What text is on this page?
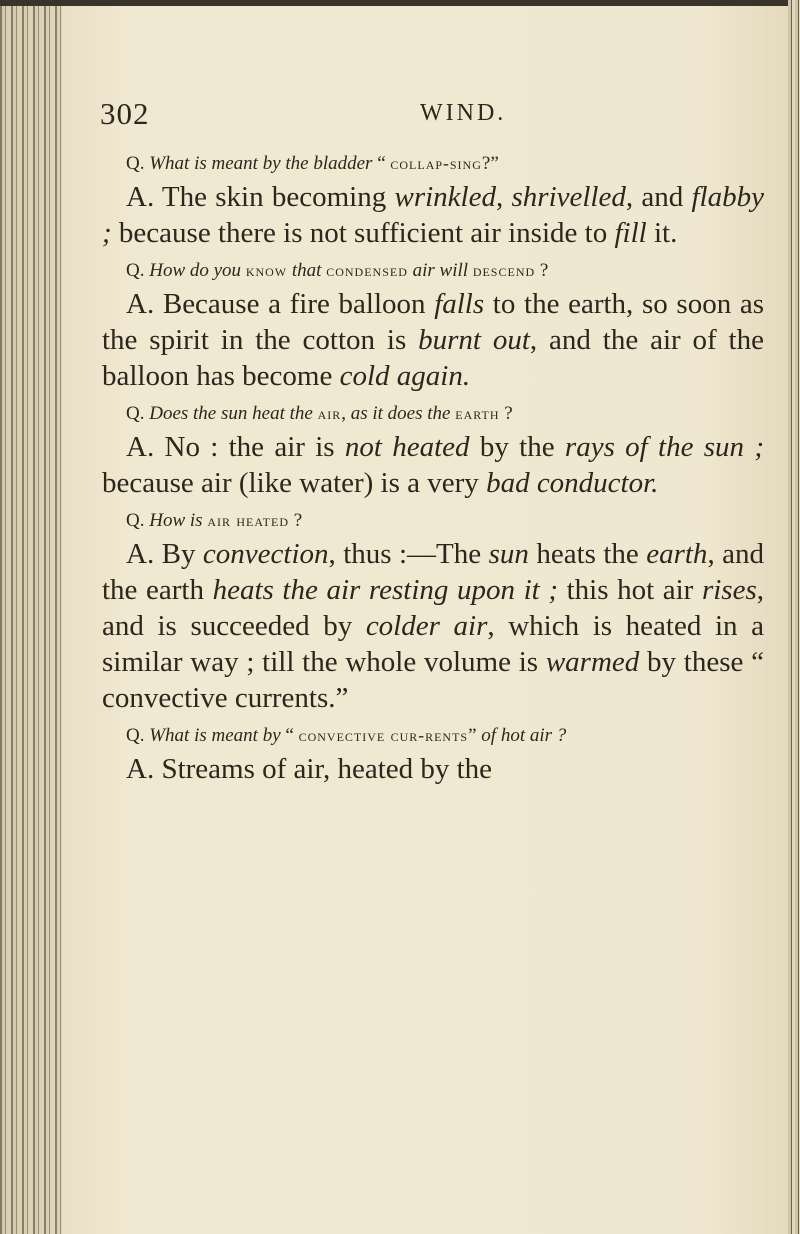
302	WIND.

Q. What is meant by the bladder “ collap-sing?”

A. The skin becoming wrinkled, shrivelled, and flabby ; because there is not sufficient air inside to fill it.

Q. How do you know that condensed air will descend ?

A. Because a fire balloon falls to the earth, so soon as the spirit in the cotton is burnt out, and the air of the balloon has become cold again.

Q. Does the sun heat the air, as it does the earth ?

A. No : the air is not heated by the rays of the sun ; because air (like water) is a very bad conductor.

Q. How is air heated ?

A. By convection, thus :—The sun heats the earth, and the earth heats the air resting upon it ; this hot air rises, and is succeeded by colder air, which is heated in a similar way ; till the whole volume is warmed by these “ convective currents.”

Q. What is meant by “ convective cur-rents” of hot air ?

A. Streams of air, heated by the
